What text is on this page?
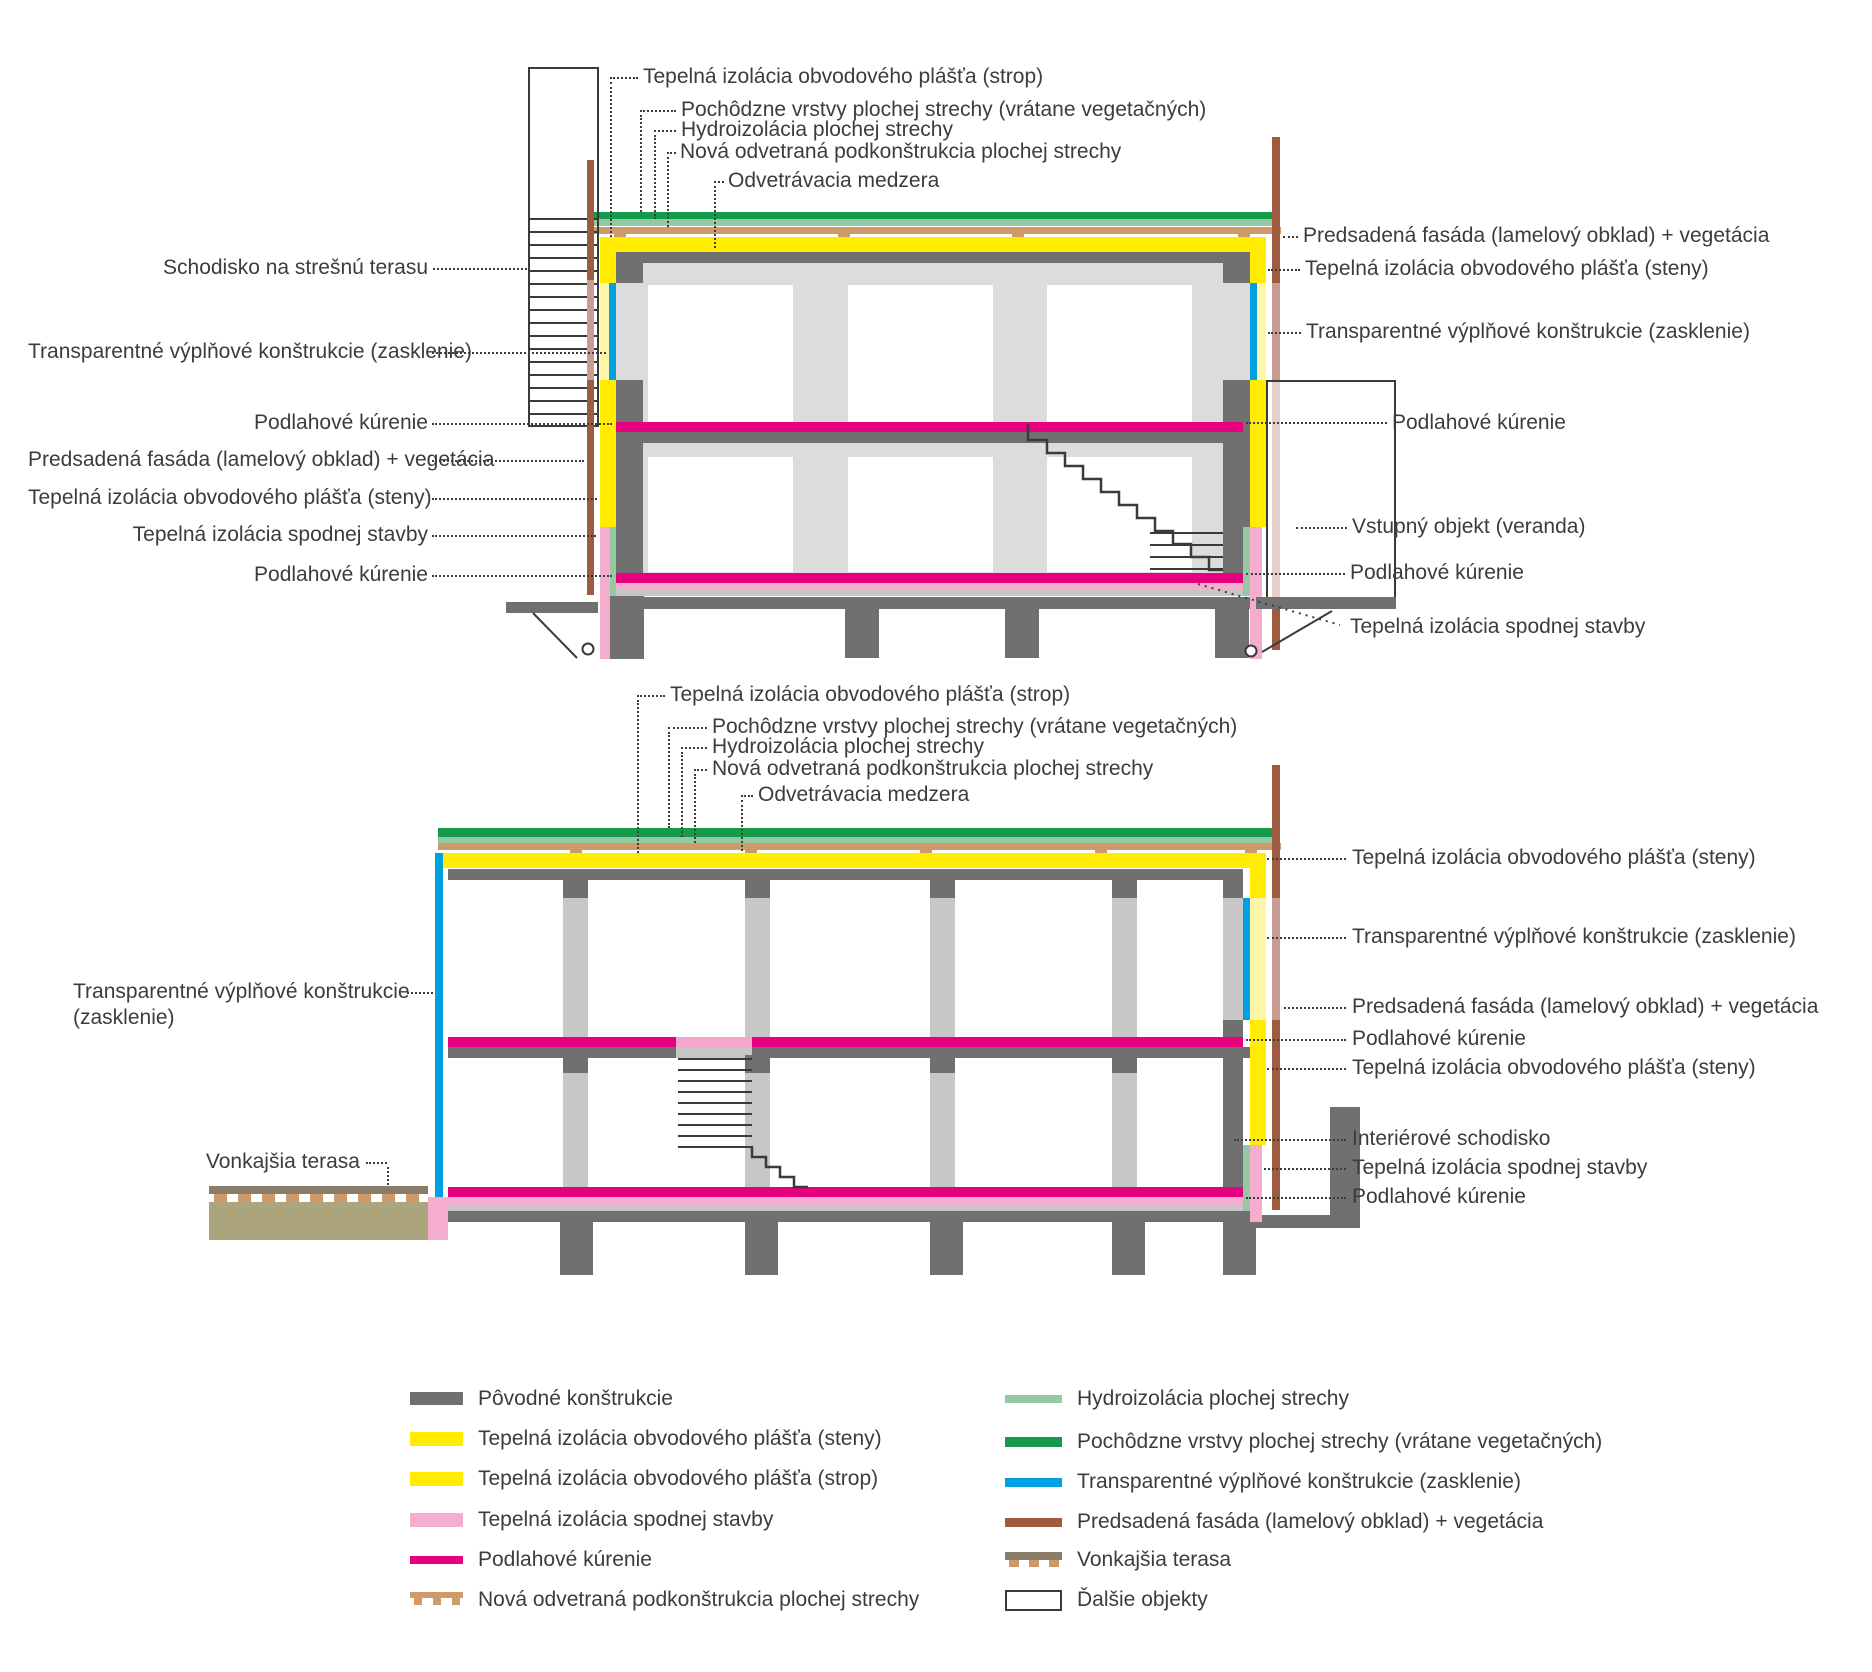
Tepelná izolácia obvodového plášťa (strop)
Pochôdzne vrstvy plochej strechy (vrátane vegetačných)
Hydroizolácia plochej strechy
Nová odvetraná podkonštrukcia plochej strechy
Odvetrávacia medzera
Schodisko na strešnú terasu
Transparentné výplňové konštrukcie (zasklenie)
Podlahové kúrenie
Predsadená fasáda (lamelový obklad) + vegetácia
Tepelná izolácia obvodového plášťa (steny)
Tepelná izolácia spodnej stavby
Podlahové kúrenie
Predsadená fasáda (lamelový obklad) + vegetácia
Tepelná izolácia obvodového plášťa (steny)
Transparentné výplňové konštrukcie (zasklenie)
Podlahové kúrenie
Vstupný objekt (veranda)
Podlahové kúrenie
Tepelná izolácia spodnej stavby
Tepelná izolácia obvodového plášťa (strop)
Pochôdzne vrstvy plochej strechy (vrátane vegetačných)
Hydroizolácia plochej strechy
Nová odvetraná podkonštrukcia plochej strechy
Odvetrávacia medzera
Transparentné výplňové konštrukcie
(zasklenie)
Vonkajšia terasa
Tepelná izolácia obvodového plášťa (steny)
Transparentné výplňové konštrukcie (zasklenie)
Predsadená fasáda (lamelový obklad) + vegetácia
Podlahové kúrenie
Tepelná izolácia obvodového plášťa (steny)
Interiérové schodisko
Tepelná izolácia spodnej stavby
Podlahové kúrenie
Pôvodné konštrukcie
Tepelná izolácia obvodového plášťa (steny)
Tepelná izolácia obvodového plášťa (strop)
Tepelná izolácia spodnej stavby
Podlahové kúrenie
Nová odvetraná podkonštrukcia plochej strechy
Hydroizolácia plochej strechy
Pochôdzne vrstvy plochej strechy (vrátane vegetačných)
Transparentné výplňové konštrukcie (zasklenie)
Predsadená fasáda (lamelový obklad) + vegetácia
Vonkajšia terasa
Ďalšie objekty
